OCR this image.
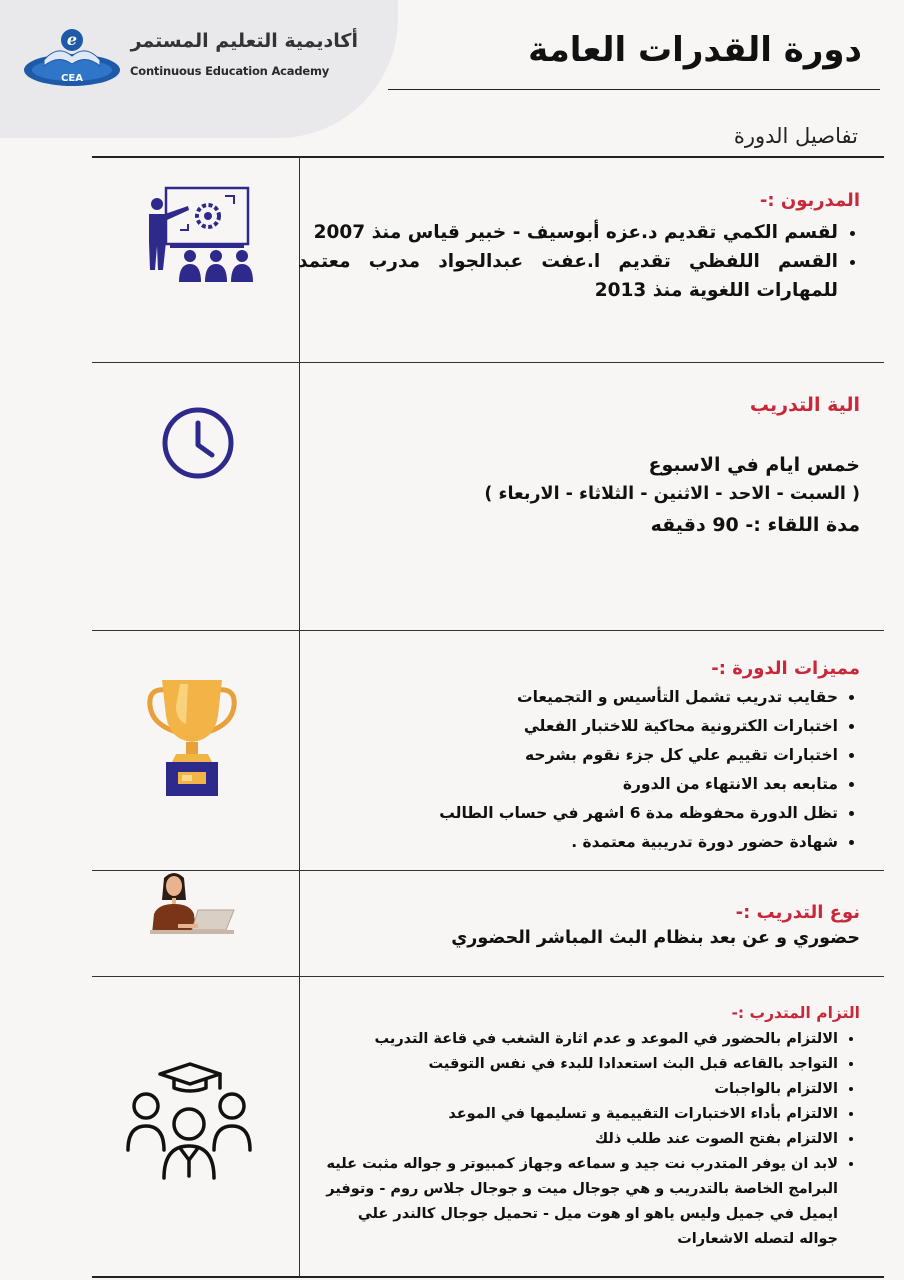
e
CEA
أكاديمية التعليم المستمر
Continuous Education Academy
دورة القدرات العامة
تفاصيل الدورة
المدربون :-
• لقسم الكمي تقديم د.عزه أبوسيف - خبير قياس منذ 2007
• القسم اللفظي تقديم ا.عفت عبدالجواد مدرب معتمد للمهارات اللغوية منذ 2013
الية التدريب
خمس ايام في الاسبوع
( السبت - الاحد - الاثنين - الثلاثاء - الاربعاء )
مدة اللقاء :- 90 دقيقه
مميزات الدورة :-
• حقايب تدريب تشمل التأسيس و التجميعات
• اختبارات الكترونية محاكية للاختبار الفعلي
• اختبارات تقييم علي كل جزء نقوم بشرحه
• متابعه بعد الانتهاء من الدورة
• تظل الدورة محفوظه مدة 6 اشهر في حساب الطالب
• شهادة حضور دورة تدريبية معتمدة .
نوع التدريب :-
حضوري و عن بعد بنظام البث المباشر الحضوري
التزام المتدرب :-
• الالتزام بالحضور في الموعد و عدم اثارة الشغب في قاعة التدريب
• التواجد بالقاعه قبل البث استعدادا للبدء في نفس التوقيت
• الالتزام بالواجبات
• الالتزام بأداء الاختبارات التقييمية و تسليمها في الموعد
• الالتزام بفتح الصوت عند طلب ذلك
• لابد ان يوفر المتدرب نت جيد و سماعه وجهاز كمبيوتر و جواله مثبت عليه البرامج الخاصة بالتدريب و هي جوجال ميت و جوجال جلاس روم - وتوفير ايميل في جميل وليس ياهو او هوت ميل - تحميل جوجال كالندر علي جواله لتصله الاشعارات
